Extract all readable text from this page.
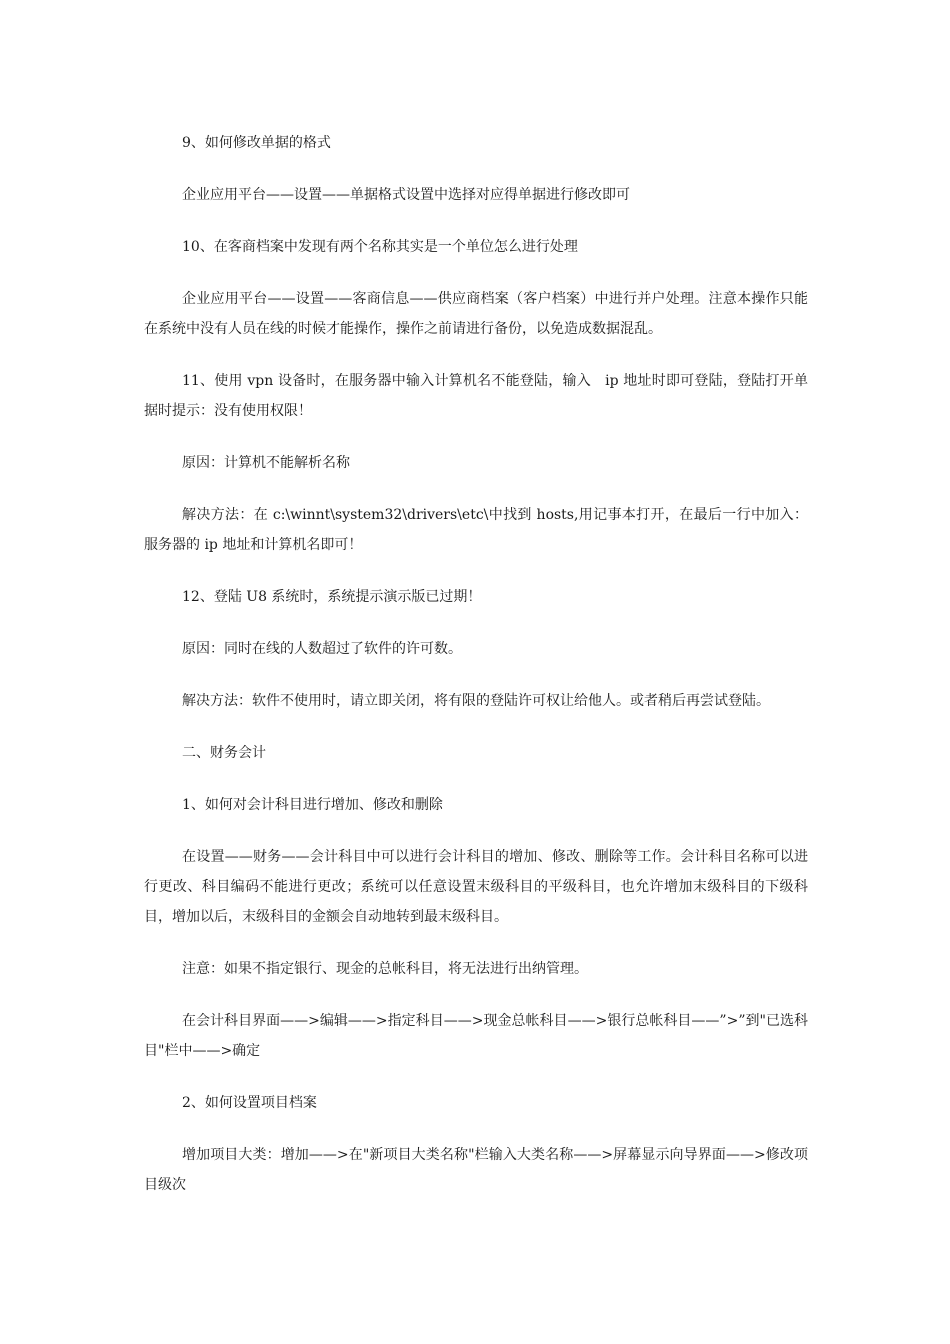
9、如何修改单据的格式

企业应用平台——设置——单据格式设置中选择对应得单据进行修改即可

10、在客商档案中发现有两个名称其实是一个单位怎么进行处理

企业应用平台——设置——客商信息——供应商档案（客户档案）中进行并户处理。注意本操作只能在系统中没有人员在线的时候才能操作，操作之前请进行备份，以免造成数据混乱。

11、使用 vpn 设备时，在服务器中输入计算机名不能登陆，输入　ip 地址时即可登陆，登陆打开单据时提示：没有使用权限！

原因：计算机不能解析名称

解决方法：在 c:\winnt\system32\drivers\etc\中找到 hosts,用记事本打开，在最后一行中加入：服务器的 ip 地址和计算机名即可！

12、登陆 U8 系统时，系统提示演示版已过期！

原因：同时在线的人数超过了软件的许可数。

解决方法：软件不使用时，请立即关闭，将有限的登陆许可权让给他人。或者稍后再尝试登陆。

二、财务会计

1、如何对会计科目进行增加、修改和删除

在设置——财务——会计科目中可以进行会计科目的增加、修改、删除等工作。会计科目名称可以进行更改、科目编码不能进行更改；系统可以任意设置末级科目的平级科目，也允许增加末级科目的下级科目，增加以后，末级科目的金额会自动地转到最末级科目。

注意：如果不指定银行、现金的总帐科目，将无法进行出纳管理。

在会计科目界面——>编辑——>指定科目——>现金总帐科目——>银行总帐科目——”>”到"已选科目"栏中——>确定

2、如何设置项目档案

增加项目大类：增加——>在"新项目大类名称"栏输入大类名称——>屏幕显示向导界面——>修改项目级次
